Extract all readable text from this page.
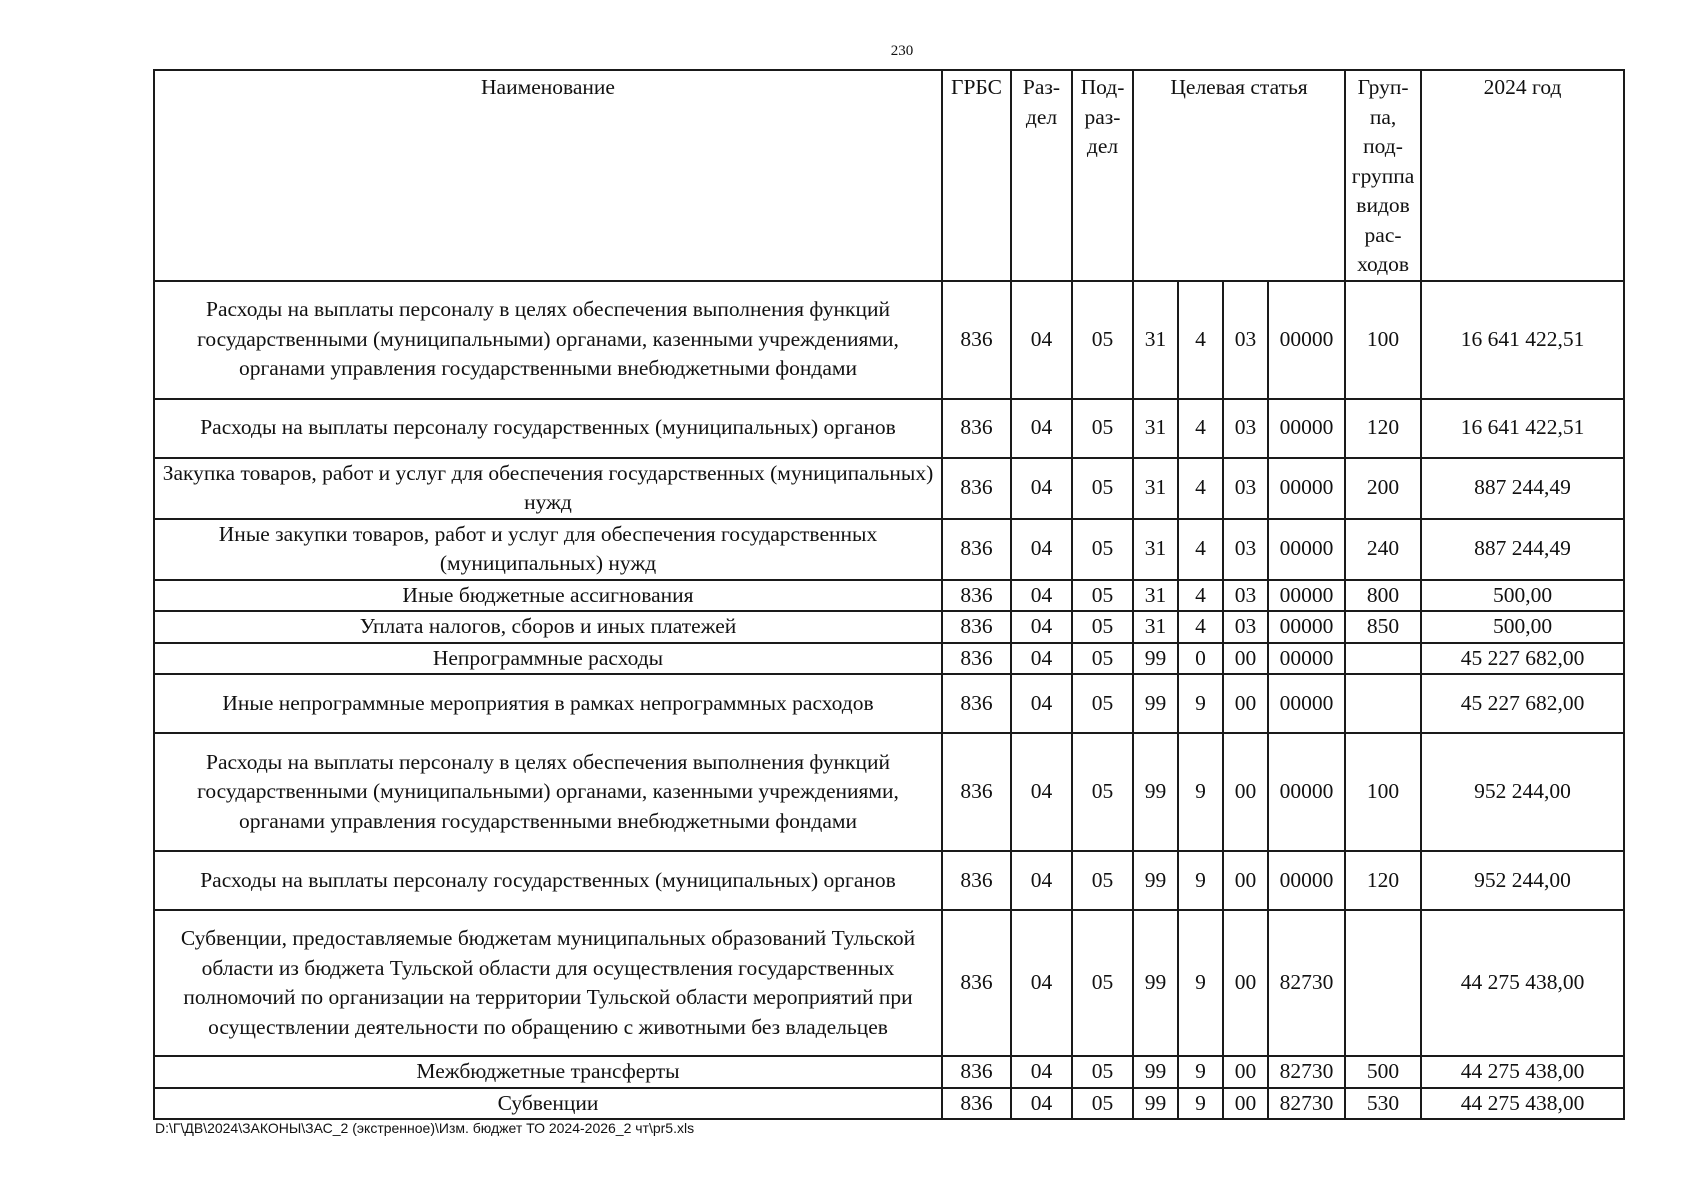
230
Наименование	ГРБС	Раз-дел	Под-раз-дел	Целевая статья				Груп-па, под-группа видов рас-ходов	2024 год
Расходы на выплаты персоналу в целях обеспечения выполнения функций государственными (муниципальными) органами, казенными учреждениями, органами управления государственными внебюджетными фондами	836	04	05	31	4	03	00000	100	16 641 422,51
Расходы на выплаты персоналу государственных (муниципальных) органов	836	04	05	31	4	03	00000	120	16 641 422,51
Закупка товаров, работ и услуг для обеспечения государственных (муниципальных) нужд	836	04	05	31	4	03	00000	200	887 244,49
Иные закупки товаров, работ и услуг для обеспечения государственных (муниципальных) нужд	836	04	05	31	4	03	00000	240	887 244,49
Иные бюджетные ассигнования	836	04	05	31	4	03	00000	800	500,00
Уплата налогов, сборов и иных платежей	836	04	05	31	4	03	00000	850	500,00
Непрограммные расходы	836	04	05	99	0	00	00000		45 227 682,00
Иные непрограммные мероприятия в рамках непрограммных расходов	836	04	05	99	9	00	00000		45 227 682,00
Расходы на выплаты персоналу в целях обеспечения выполнения функций государственными (муниципальными) органами, казенными учреждениями, органами управления государственными внебюджетными фондами	836	04	05	99	9	00	00000	100	952 244,00
Расходы на выплаты персоналу государственных (муниципальных) органов	836	04	05	99	9	00	00000	120	952 244,00
Субвенции, предоставляемые бюджетам муниципальных образований Тульской области из бюджета Тульской области для осуществления государственных полномочий по организации на территории Тульской области мероприятий при осуществлении деятельности по обращению с животными без владельцев	836	04	05	99	9	00	82730		44 275 438,00
Межбюджетные трансферты	836	04	05	99	9	00	82730	500	44 275 438,00
Субвенции	836	04	05	99	9	00	82730	530	44 275 438,00
D:\Г\ДВ\2024\ЗАКОНЫ\ЗАС_2 (экстренное)\Изм. бюджет ТО 2024-2026_2 чт\pr5.xls
